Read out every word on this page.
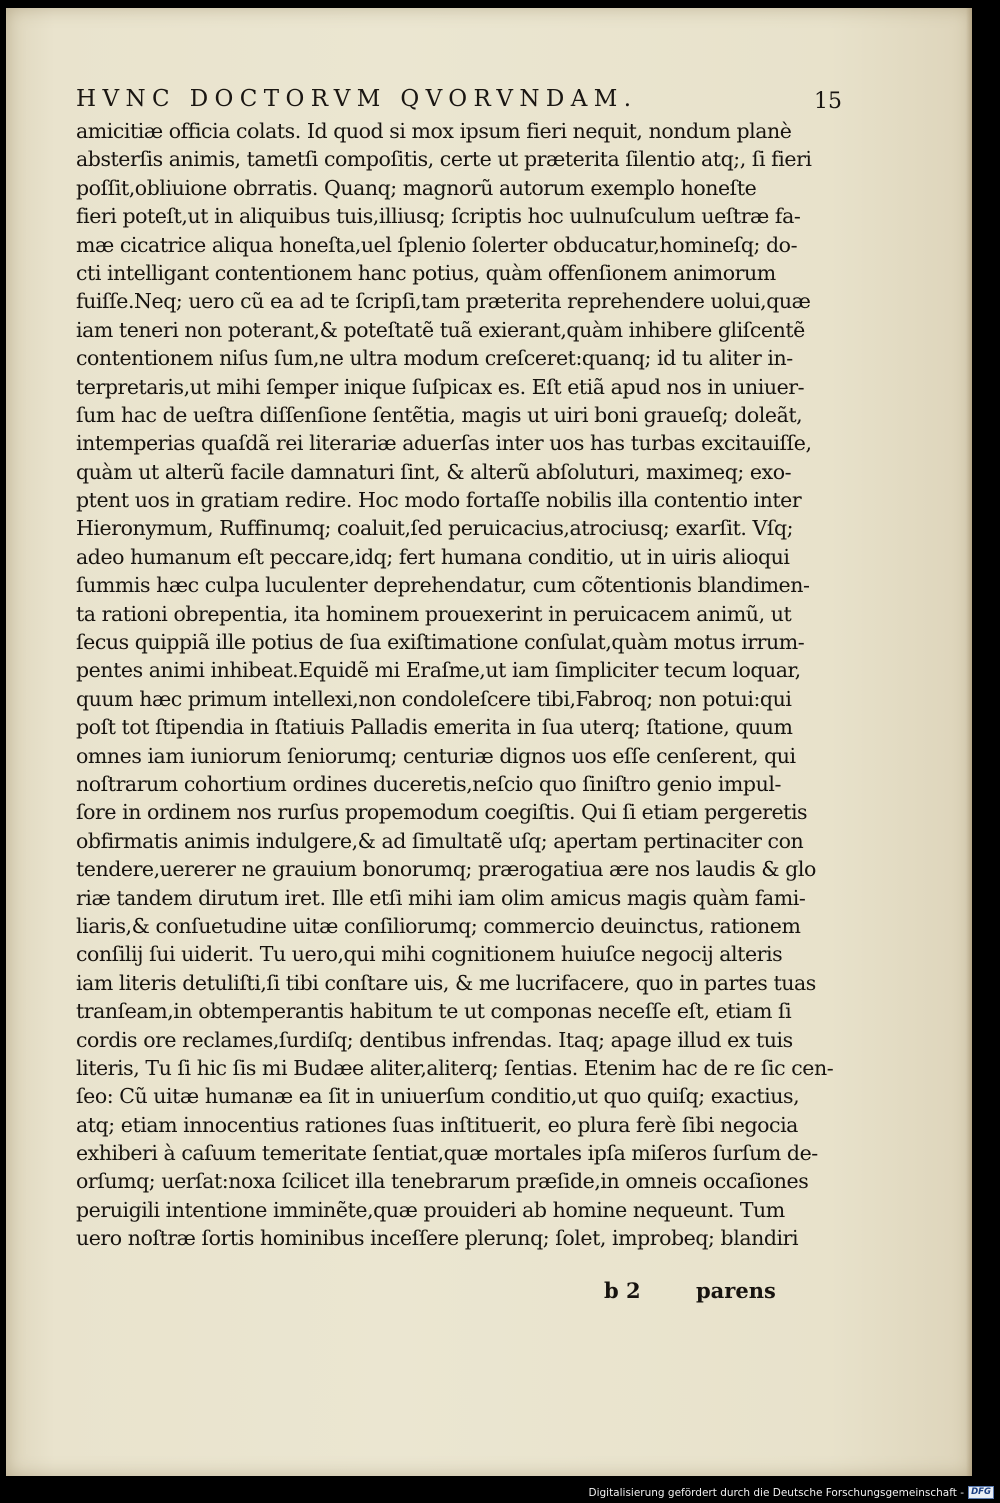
HVNC DOCTORVM QVORVNDAM.	15
amicitiæ officia colats. Id quod si mox ipsum fieri nequit, nondum planè
absterſis animis, tametſi compoſitis, certe ut præterita ſilentio atq;, ſi fieri
poſſit,obliuione obrratis. Quanq; magnorũ autorum exemplo honeſte
fieri poteſt,ut in aliquibus tuis,illiusq; ſcriptis hoc uulnuſculum ueſtræ fa-
mæ cicatrice aliqua honeſta,uel ſplenio ſolerter obducatur,homineſq; do-
cti intelligant contentionem hanc potius, quàm offenſionem animorum
fuiſſe.Neq; uero cũ ea ad te ſcripſi,tam præterita reprehendere uolui,quæ
iam teneri non poterant,& poteſtatẽ tuã exierant,quàm inhibere gliſcentẽ
contentionem niſus ſum,ne ultra modum creſceret:quanq; id tu aliter in-
terpretaris,ut mihi ſemper inique ſuſpicax es. Eſt etiã apud nos in uniuer-
ſum hac de ueſtra diſſenſione ſentẽtia, magis ut uiri boni graueſq; doleãt,
intemperias quaſdã rei literariæ aduerſas inter uos has turbas excitauiſſe,
quàm ut alterũ facile damnaturi ſint, & alterũ abſoluturi, maximeq; exo-
ptent uos in gratiam redire. Hoc modo fortaſſe nobilis illa contentio inter
Hieronymum, Ruffinumq; coaluit,ſed peruicacius,atrociusq; exarſit. Vſq;
adeo humanum eſt peccare,idq; fert humana conditio, ut in uiris alioqui
ſummis hæc culpa luculenter deprehendatur, cum cõtentionis blandimen-
ta rationi obrepentia, ita hominem prouexerint in peruicacem animũ, ut
ſecus quippiã ille potius de ſua exiſtimatione conſulat,quàm motus irrum-
pentes animi inhibeat.Equidẽ mi Eraſme,ut iam ſimpliciter tecum loquar,
quum hæc primum intellexi,non condoleſcere tibi,Fabroq; non potui:qui
poſt tot ſtipendia in ſtatiuis Palladis emerita in ſua uterq; ſtatione, quum
omnes iam iuniorum ſeniorumq; centuriæ dignos uos eſſe cenſerent, qui
noſtrarum cohortium ordines duceretis,neſcio quo ſiniſtro genio impul-
ſore in ordinem nos rurſus propemodum coegiſtis. Qui ſi etiam pergeretis
obfirmatis animis indulgere,& ad ſimultatẽ uſq; apertam pertinaciter con
tendere,uererer ne grauium bonorumq; prærogatiua ære nos laudis & glo
riæ tandem dirutum iret. Ille etſi mihi iam olim amicus magis quàm fami-
liaris,& conſuetudine uitæ conſiliorumq; commercio deuinctus, rationem
conſilij ſui uiderit. Tu uero,qui mihi cognitionem huiuſce negocij alteris
iam literis detuliſti,ſi tibi conſtare uis, & me lucrifacere, quo in partes tuas
tranſeam,in obtemperantis habitum te ut componas neceſſe eſt, etiam ſi
cordis ore reclames,ſurdiſq; dentibus infrendas. Itaq; apage illud ex tuis
literis, Tu ſi hic ſis mi Budæe aliter,aliterq; ſentias. Etenim hac de re ſic cen-
ſeo: Cũ uitæ humanæ ea ſit in uniuerſum conditio,ut quo quiſq; exactius,
atq; etiam innocentius rationes ſuas inſtituerit, eo plura ferè ſibi negocia
exhiberi à caſuum temeritate ſentiat,quæ mortales ipſa miſeros ſurſum de-
orſumq; uerſat:noxa ſcilicet illa tenebrarum præſide,in omneis occaſiones
peruigili intentione imminẽte,quæ prouideri ab homine nequeunt. Tum
uero noſtræ ſortis hominibus inceſſere plerunq; ſolet, improbeq; blandiri
b 2	parens
Digitalisierung gefördert durch die Deutsche Forschungsgemeinschaft - DFG
